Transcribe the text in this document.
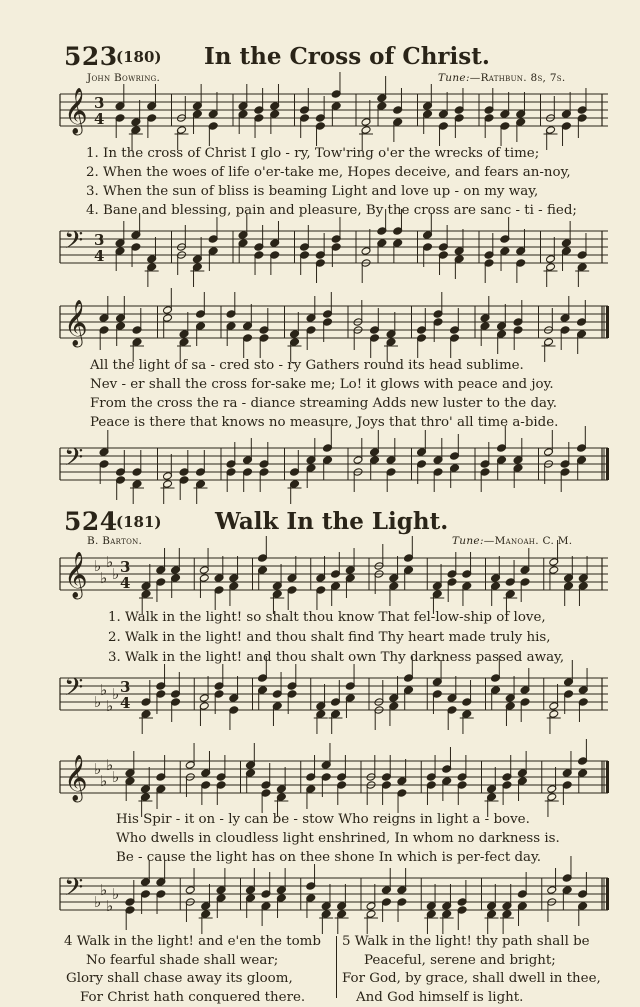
523
(180) In the Cross of Christ.
John Bowring.	Tune:—Rathbun. 8s, 7s.
𝄞 3
4
1. In the cross of Christ I glo - ry, Tow'ring o'er the wrecks of time;
2. When the woes of life o'er-take me, Hopes deceive, and fears an-noy,
3. When the sun of bliss is beaming Light and love up - on my way,
4. Bane and blessing, pain and pleasure, By the cross are sanc - ti - fied;
𝄢 3
4
𝄞
All the light of sa - cred sto - ry Gathers round its head sublime.
Nev - er shall the cross for-sake me; Lo! it glows with peace and joy.
From the cross the ra - diance streaming Adds new luster to the day.
Peace is there that knows no measure, Joys that thro' all time a-bide.
𝄢
524
(181) Walk In the Light.
B. Barton.	Tune:—Manoah. C. M.
𝄞 ♭
♭
♭
♭ 3
4
1. Walk in the light! so shalt thou know That fel-low-ship of love,
2. Walk in the light! and thou shalt find Thy heart made truly his,
3. Walk in the light! and thou shalt own Thy darkness passed away,
𝄢 ♭
♭
♭
♭ 3
4
𝄞 ♭
♭
♭
♭
His Spir - it on - ly can be - stow Who reigns in light a - bove.
Who dwells in cloudless light enshrined, In whom no darkness is.
Be - cause the light has on thee shone In which is per-fect day.
𝄢 ♭
♭
♭
♭
4 Walk in the light! and e'en the tomb
No fearful shade shall wear;
Glory shall chase away its gloom,
For Christ hath conquered there.
5 Walk in the light! thy path shall be
Peaceful, serene and bright;
For God, by grace, shall dwell in thee,
And God himself is light.
